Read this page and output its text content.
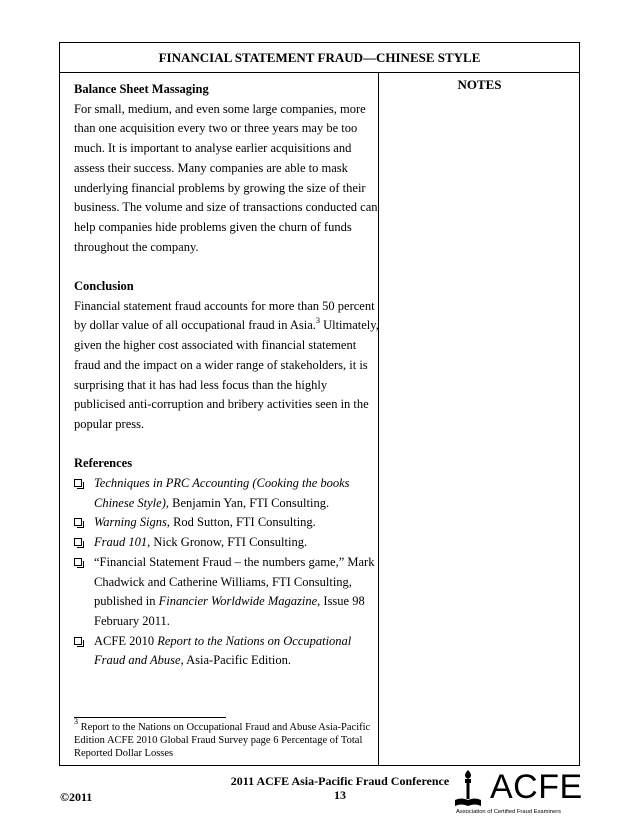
FINANCIAL STATEMENT FRAUD—CHINESE STYLE
NOTES

Balance Sheet Massaging

For small, medium, and even some large companies, more than one acquisition every two or three years may be too much. It is important to analyse earlier acquisitions and assess their success. Many companies are able to mask underlying financial problems by growing the size of their business. The volume and size of transactions conducted can help companies hide problems given the churn of funds throughout the company.

Conclusion

Financial statement fraud accounts for more than 50 percent by dollar value of all occupational fraud in Asia.$^3$ Ultimately, given the higher cost associated with financial statement fraud and the impact on a wider range of stakeholders, it is surprising that it has had less focus than the highly publicised anti-corruption and bribery activities seen in the popular press.

References

Techniques in PRC Accounting (Cooking the books Chinese Style), Benjamin Yan, FTI Consulting.
Warning Signs, Rod Sutton, FTI Consulting.
Fraud 101, Nick Gronow, FTI Consulting.
“Financial Statement Fraud – the numbers game,” Mark Chadwick and Catherine Williams, FTI Consulting, published in Financier Worldwide Magazine, Issue 98 February 2011.
ACFE 2010 Report to the Nations on Occupational Fraud and Abuse, Asia-Pacific Edition.
$^3$ Report to the Nations on Occupational Fraud and Abuse Asia-Pacific Edition ACFE 2010 Global Fraud Survey page 6 Percentage of Total Reported Dollar Losses
2011 ACFE Asia-Pacific Fraud Conference
13
©2011	ACFE
Association of Certified Fraud Examiners
